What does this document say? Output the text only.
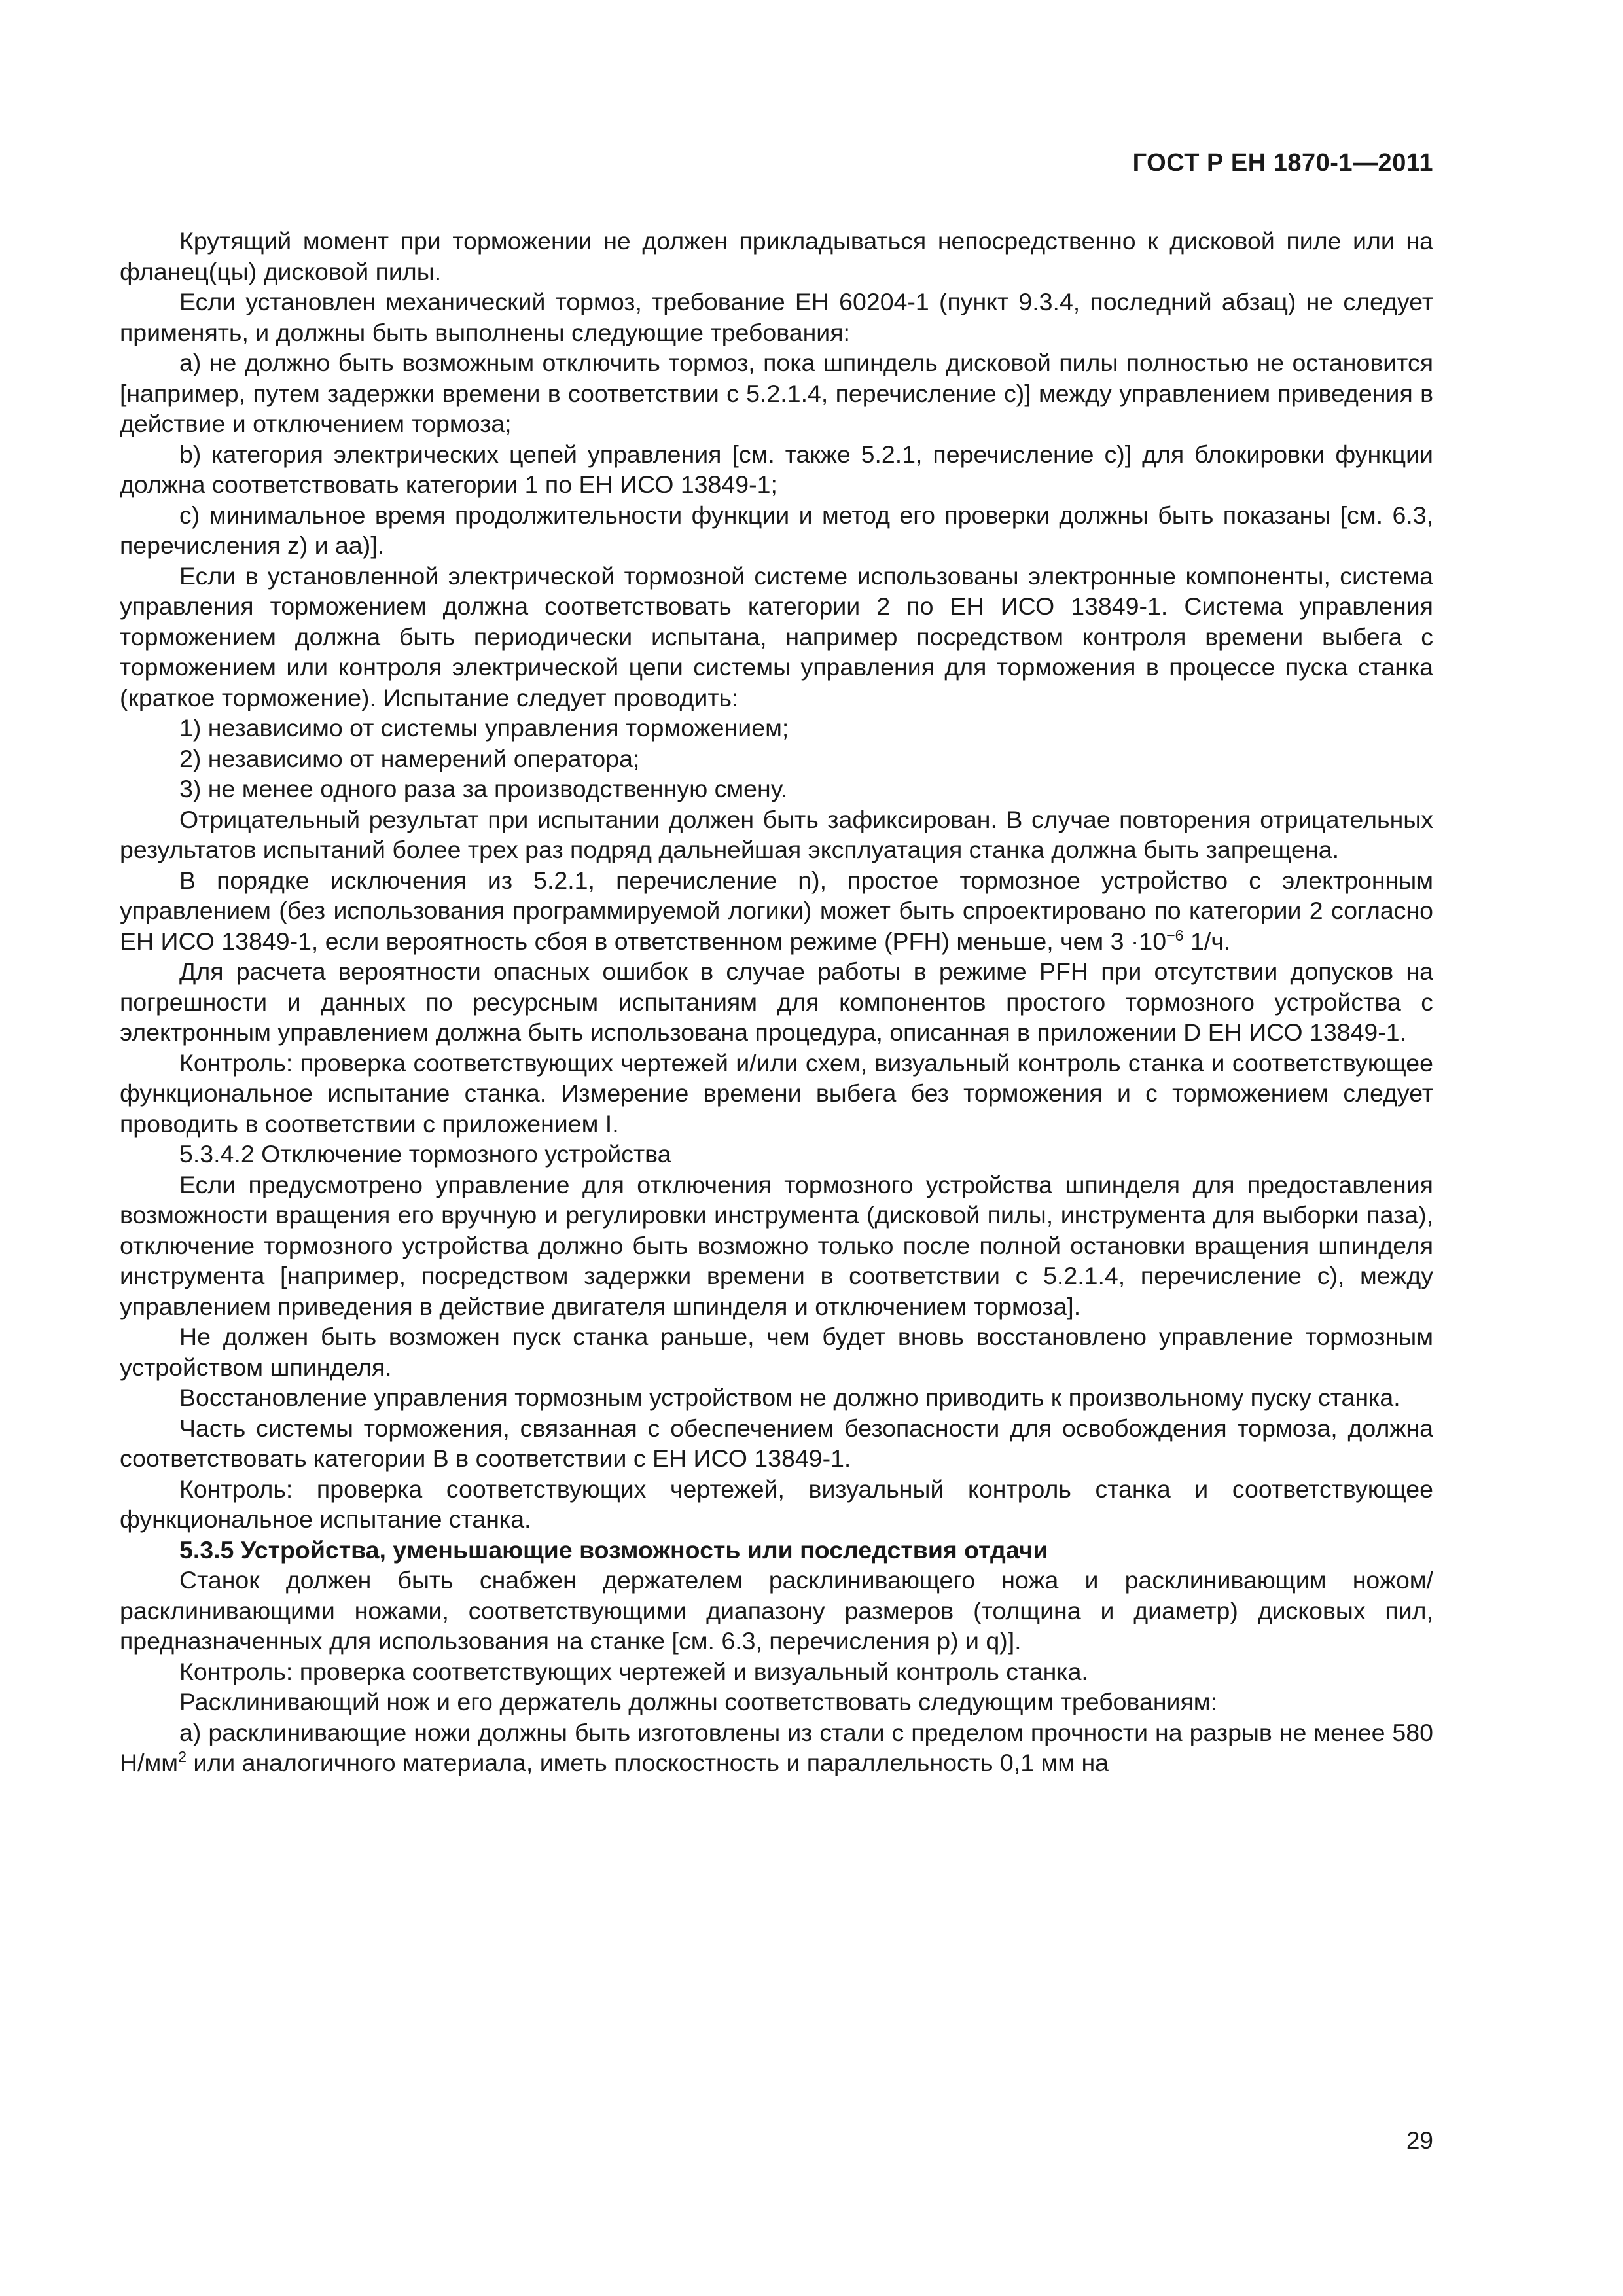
ГОСТ Р ЕН 1870-1—2011

Крутящий момент при торможении не должен прикладываться непосредственно к дисковой пиле или на фланец(цы) дисковой пилы.

Если установлен механический тормоз, требование ЕН 60204-1 (пункт 9.3.4, последний абзац) не следует применять, и должны быть выполнены следующие требования:

a) не должно быть возможным отключить тормоз, пока шпиндель дисковой пилы полностью не остановится [например, путем задержки времени в соответствии с 5.2.1.4, перечисление c)] между управлением приведения в действие и отключением тормоза;

b) категория электрических цепей управления [см. также 5.2.1, перечисление c)] для блокировки функции должна соответствовать категории 1 по ЕН ИСО 13849-1;

c) минимальное время продолжительности функции и метод его проверки должны быть показаны [см. 6.3, перечисления z) и aa)].

Если в установленной электрической тормозной системе использованы электронные компоненты, система управления торможением должна соответствовать категории 2 по ЕН ИСО 13849-1. Система управления торможением должна быть периодически испытана, например посредством контроля времени выбега с торможением или контроля электрической цепи системы управления для торможения в процессе пуска станка (краткое торможение). Испытание следует проводить:

1) независимо от системы управления торможением;

2) независимо от намерений оператора;

3) не менее одного раза за производственную смену.

Отрицательный результат при испытании должен быть зафиксирован. В случае повторения отрицательных результатов испытаний более трех раз подряд дальнейшая эксплуатация станка должна быть запрещена.

В порядке исключения из 5.2.1, перечисление n), простое тормозное устройство с электронным управлением (без использования программируемой логики) может быть спроектировано по категории 2 согласно ЕН ИСО 13849-1, если вероятность сбоя в ответственном режиме (PFH) меньше, чем $3 \cdot 10^{-6}$ 1/ч.

Для расчета вероятности опасных ошибок в случае работы в режиме PFH при отсутствии допусков на погрешности и данных по ресурсным испытаниям для компонентов простого тормозного устройства с электронным управлением должна быть использована процедура, описанная в приложении D ЕН ИСО 13849-1.

Контроль: проверка соответствующих чертежей и/или схем, визуальный контроль станка и соответствующее функциональное испытание станка. Измерение времени выбега без торможения и с торможением следует проводить в соответствии с приложением I.

5.3.4.2 Отключение тормозного устройства

Если предусмотрено управление для отключения тормозного устройства шпинделя для предоставления возможности вращения его вручную и регулировки инструмента (дисковой пилы, инструмента для выборки паза), отключение тормозного устройства должно быть возможно только после полной остановки вращения шпинделя инструмента [например, посредством задержки времени в соответствии с 5.2.1.4, перечисление c), между управлением приведения в действие двигателя шпинделя и отключением тормоза].

Не должен быть возможен пуск станка раньше, чем будет вновь восстановлено управление тормозным устройством шпинделя.

Восстановление управления тормозным устройством не должно приводить к произвольному пуску станка.

Часть системы торможения, связанная с обеспечением безопасности для освобождения тормоза, должна соответствовать категории B в соответствии с ЕН ИСО 13849-1.

Контроль: проверка соответствующих чертежей, визуальный контроль станка и соответствующее функциональное испытание станка.

5.3.5 Устройства, уменьшающие возможность или последствия отдачи

Станок должен быть снабжен держателем расклинивающего ножа и расклинивающим ножом/расклинивающими ножами, соответствующими диапазону размеров (толщина и диаметр) дисковых пил, предназначенных для использования на станке [см. 6.3, перечисления p) и q)].

Контроль: проверка соответствующих чертежей и визуальный контроль станка.

Расклинивающий нож и его держатель должны соответствовать следующим требованиям:

a) расклинивающие ножи должны быть изготовлены из стали с пределом прочности на разрыв не менее 580 $Н/мм^2$ или аналогичного материала, иметь плоскостность и параллельность 0,1 мм на

29
